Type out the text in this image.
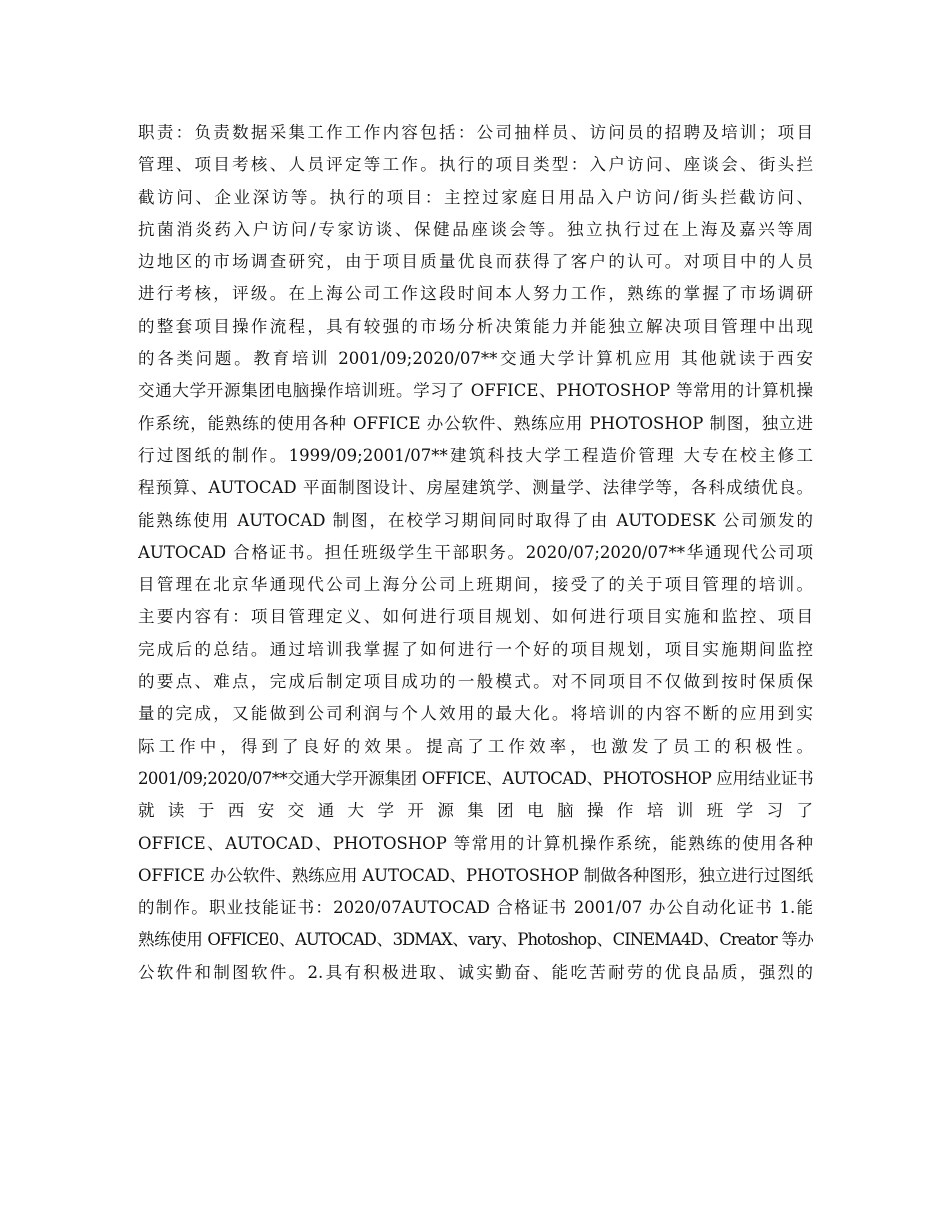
职责：负责数据采集工作工作内容包括：公司抽样员、访问员的招聘及培训；项目
管理、项目考核、人员评定等工作。执行的项目类型：入户访问、座谈会、街头拦
截访问、企业深访等。执行的项目：主控过家庭日用品入户访问/街头拦截访问、
抗菌消炎药入户访问/专家访谈、保健品座谈会等。独立执行过在上海及嘉兴等周
边地区的市场调查研究，由于项目质量优良而获得了客户的认可。对项目中的人员
进行考核，评级。在上海公司工作这段时间本人努力工作，熟练的掌握了市场调研
的整套项目操作流程，具有较强的市场分析决策能力并能独立解决项目管理中出现
的各类问题。教育培训 2001/09;2020/07**交通大学计算机应用 其他就读于西安
交通大学开源集团电脑操作培训班。学习了 OFFICE、PHOTOSHOP 等常用的计算机操
作系统，能熟练的使用各种 OFFICE 办公软件、熟练应用 PHOTOSHOP 制图，独立进
行过图纸的制作。1999/09;2001/07**建筑科技大学工程造价管理 大专在校主修工
程预算、AUTOCAD 平面制图设计、房屋建筑学、测量学、法律学等，各科成绩优良。
能熟练使用 AUTOCAD 制图，在校学习期间同时取得了由 AUTODESK 公司颁发的
AUTOCAD 合格证书。担任班级学生干部职务。2020/07;2020/07**华通现代公司项
目管理在北京华通现代公司上海分公司上班期间，接受了的关于项目管理的培训。
主要内容有：项目管理定义、如何进行项目规划、如何进行项目实施和监控、项目
完成后的总结。通过培训我掌握了如何进行一个好的项目规划，项目实施期间监控
的要点、难点，完成后制定项目成功的一般模式。对不同项目不仅做到按时保质保
量的完成，又能做到公司利润与个人效用的最大化。将培训的内容不断的应用到实
际工作中，得到了良好的效果。提高了工作效率，也激发了员工的积极性。
2001/09;2020/07**交通大学开源集团 OFFICE、AUTOCAD、PHOTOSHOP 应用结业证书
就读于西安交通大学开源集团电脑操作培训班学习了
OFFICE、AUTOCAD、PHOTOSHOP 等常用的计算机操作系统，能熟练的使用各种
OFFICE 办公软件、熟练应用 AUTOCAD、PHOTOSHOP 制做各种图形，独立进行过图纸
的制作。职业技能证书：2020/07AUTOCAD 合格证书 2001/07 办公自动化证书 1.能
熟练使用 OFFICE0、AUTOCAD、3DMAX、vary、Photoshop、CINEMA4D、Creator 等办
公软件和制图软件。2.具有积极进取、诚实勤奋、能吃苦耐劳的优良品质，强烈的
